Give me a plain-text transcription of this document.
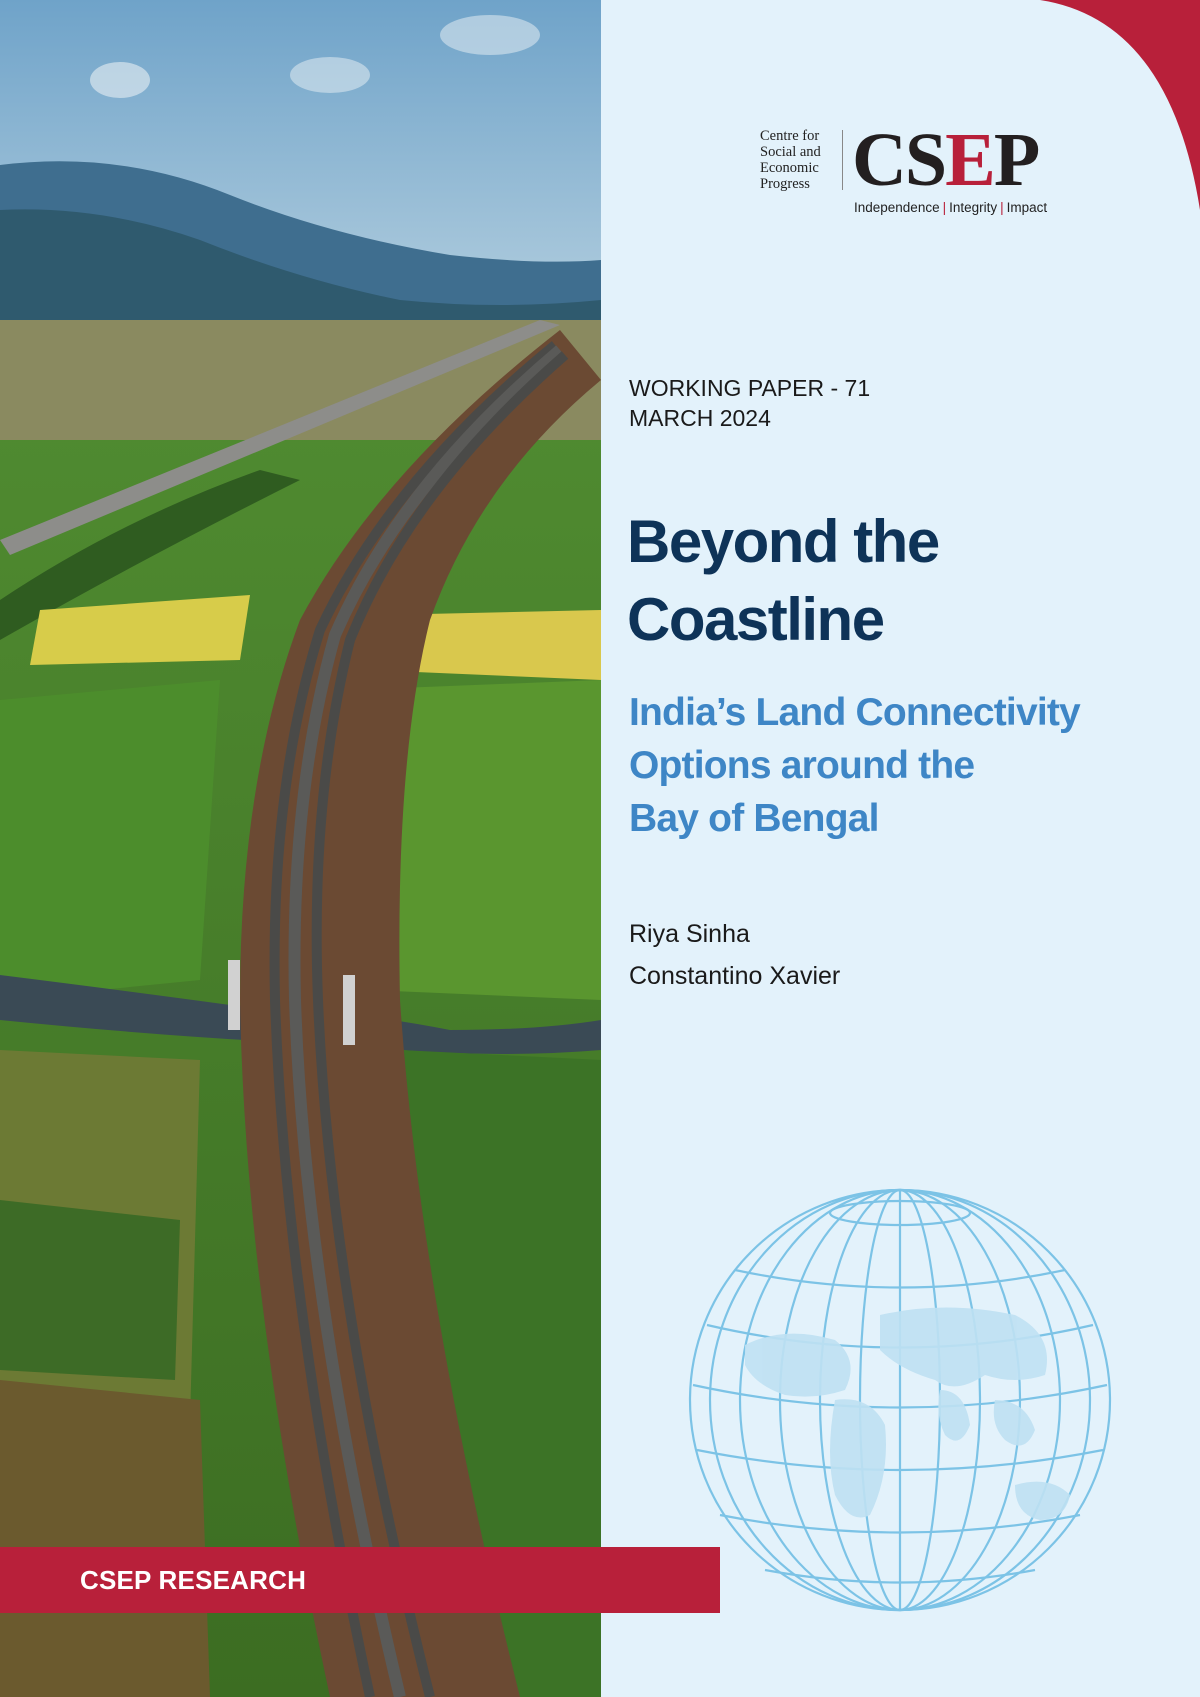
Centre for
Social and
Economic
Progress CSEP
Independence | Integrity | Impact
WORKING PAPER - 71
MARCH 2024
Beyond the
Coastline
India’s Land Connectivity
Options around the
Bay of Bengal
Riya Sinha
Constantino Xavier
CSEP RESEARCH
